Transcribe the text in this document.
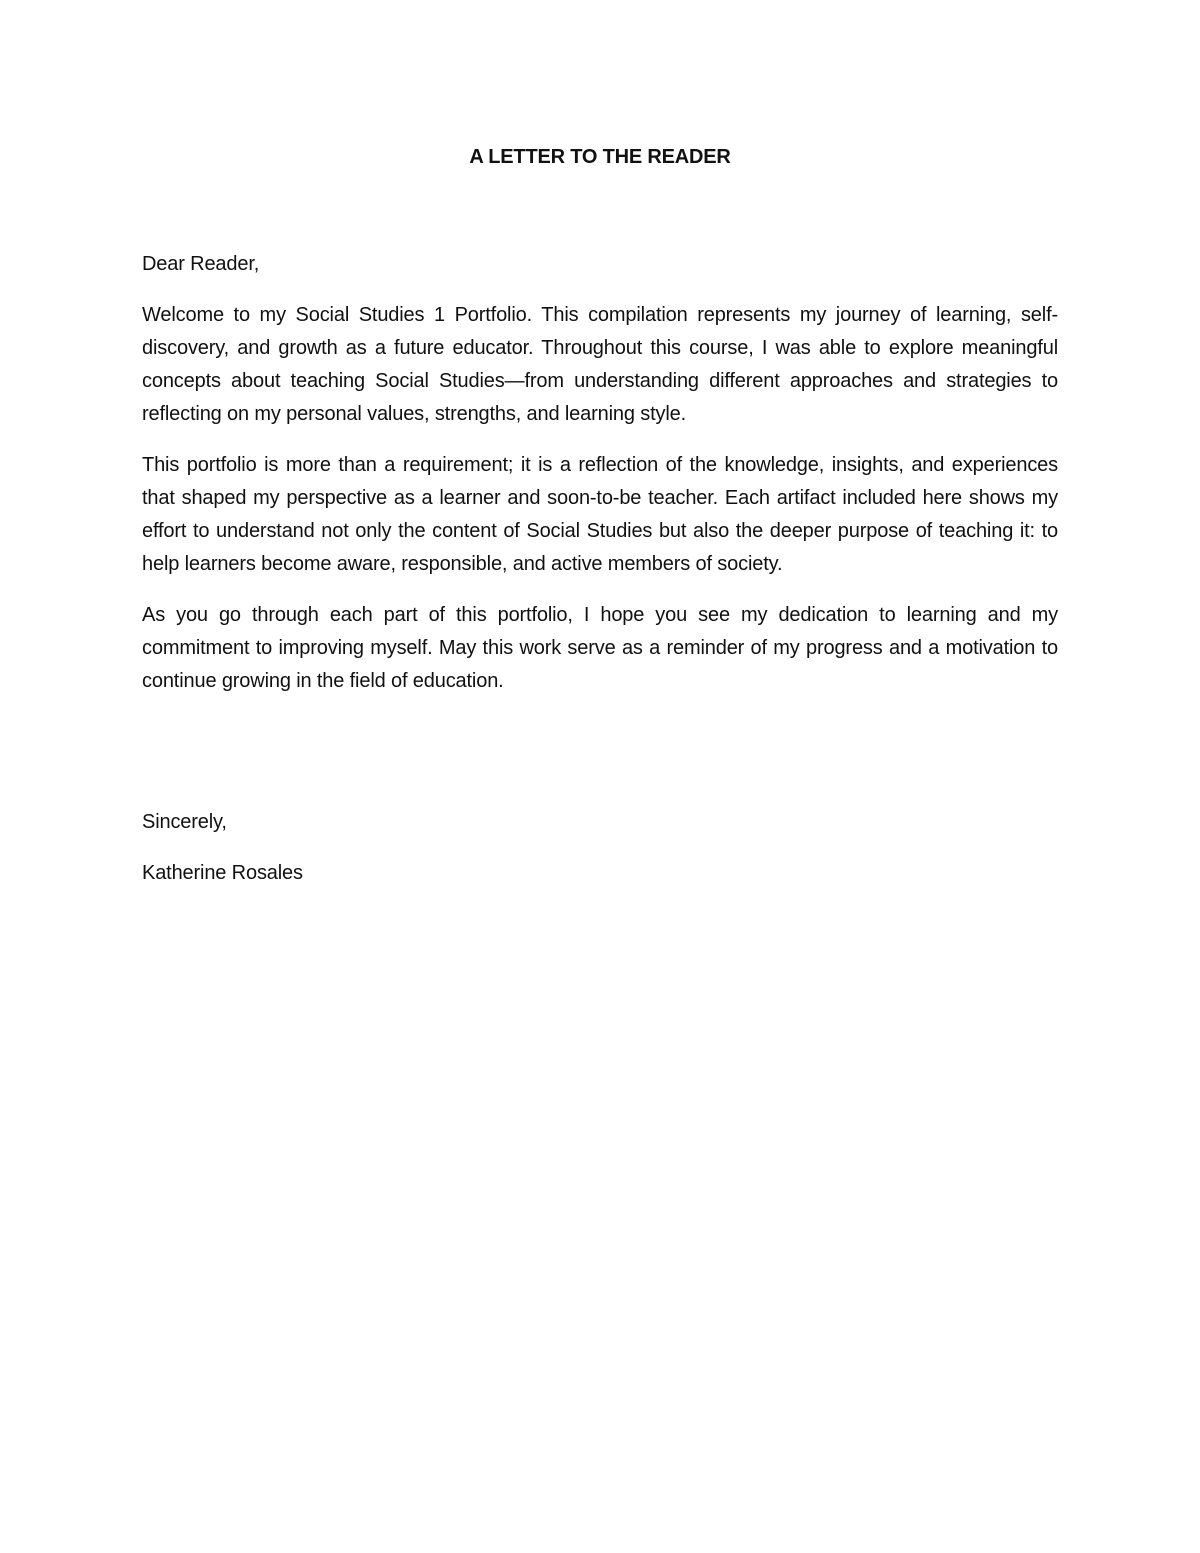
A LETTER TO THE READER

Dear Reader,

Welcome to my Social Studies 1 Portfolio. This compilation represents my journey of learning, self-discovery, and growth as a future educator. Throughout this course, I was able to explore meaningful concepts about teaching Social Studies—from understanding different approaches and strategies to reflecting on my personal values, strengths, and learning style.

This portfolio is more than a requirement; it is a reflection of the knowledge, insights, and experiences that shaped my perspective as a learner and soon-to-be teacher. Each artifact included here shows my effort to understand not only the content of Social Studies but also the deeper purpose of teaching it: to help learners become aware, responsible, and active members of society.

As you go through each part of this portfolio, I hope you see my dedication to learning and my commitment to improving myself. May this work serve as a reminder of my progress and a motivation to continue growing in the field of education.

Sincerely,
Katherine Rosales
